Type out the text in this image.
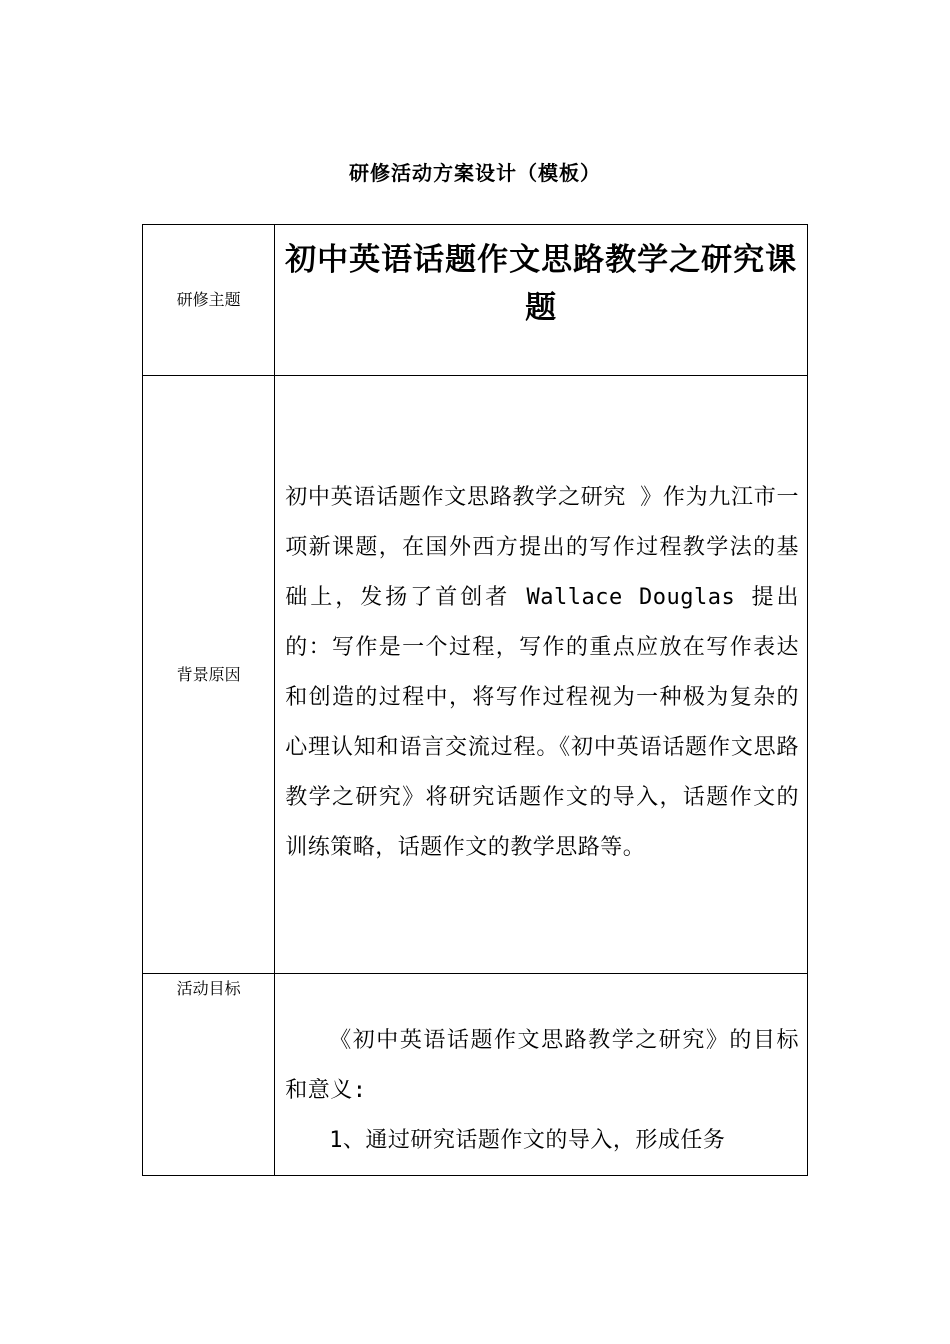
研修活动方案设计（模板）
研修主题	初中英语话题作文思路教学之研究课题

背景原因	初中英语话题作文思路教学之研究 》作为九江市一项新课题，在国外西方提出的写作过程教学法的基础上，发扬了首创者 Wallace Douglas 提出的：写作是一个过程，写作的重点应放在写作表达和创造的过程中，将写作过程视为一种极为复杂的心理认知和语言交流过程。《初中英语话题作文思路教学之研究》将研究话题作文的导入，话题作文的训练策略，话题作文的教学思路等。

活动目标	《初中英语话题作文思路教学之研究》的目标和意义:
1、通过研究话题作文的导入，形成任务
